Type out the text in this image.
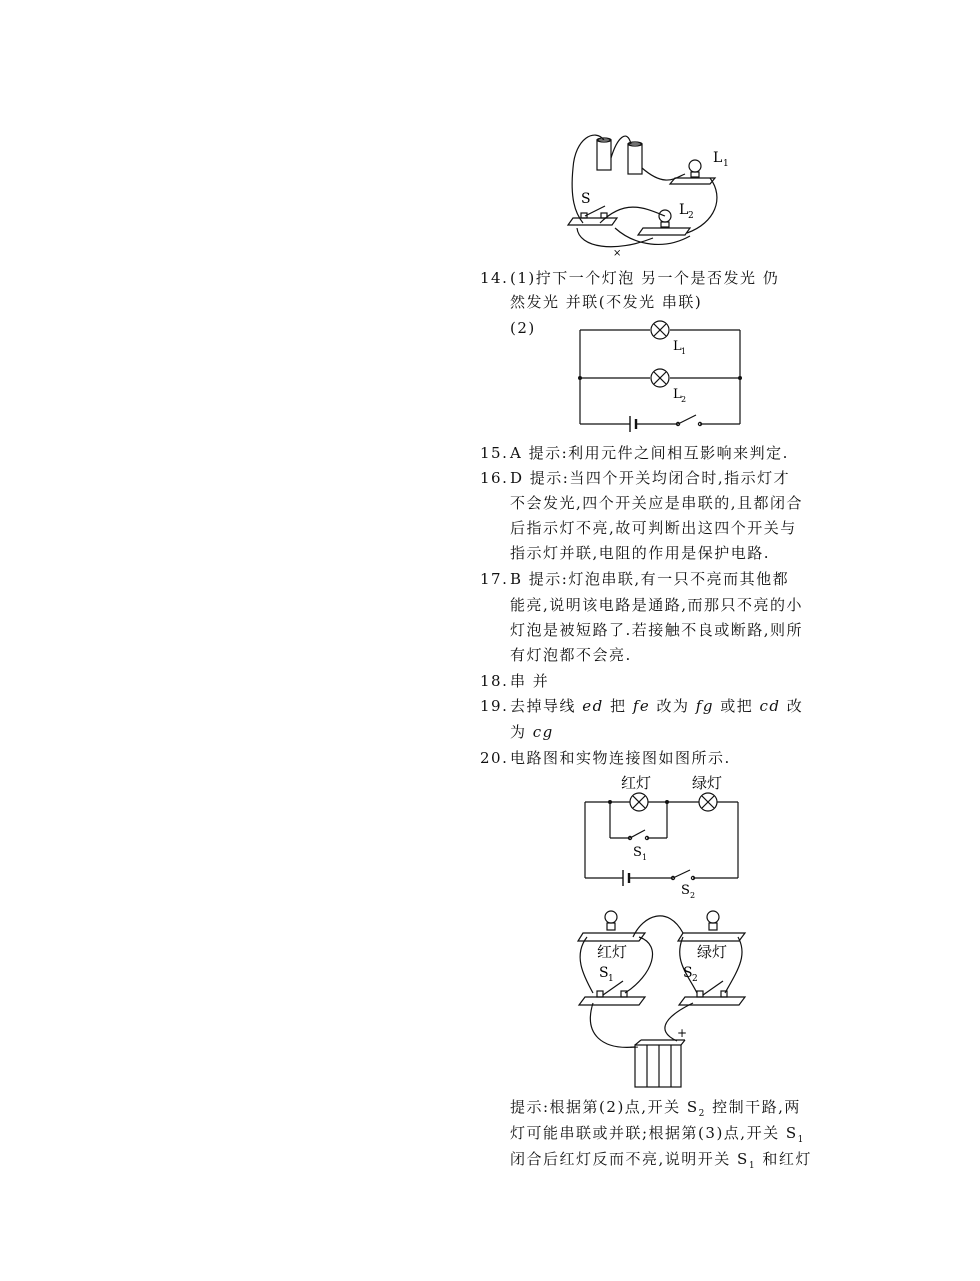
S
L 1
L 2
×
14. (1)拧下一个灯泡 另一个是否发光 仍
然发光 并联(不发光 串联)
(2)
L 1
L 2
15. A 提示:利用元件之间相互影响来判定.
16. D 提示:当四个开关均闭合时,指示灯才
不会发光,四个开关应是串联的,且都闭合
后指示灯不亮,故可判断出这四个开关与
指示灯并联,电阻的作用是保护电路.
17. B 提示:灯泡串联,有一只不亮而其他都
能亮,说明该电路是通路,而那只不亮的小
灯泡是被短路了.若接触不良或断路,则所
有灯泡都不会亮.
18. 串 并
19. 去掉导线 ed 把 fe 改为 fg 或把 cd 改
为 cg
20. 电路图和实物连接图如图所示.
红灯	绿灯
S 1
S 2
红灯	绿灯
S 1	S 2
+
−
提示:根据第(2)点,开关 $S_2$ 控制干路,两
灯可能串联或并联;根据第(3)点,开关 $S_1$
闭合后红灯反而不亮,说明开关 $S_1$ 和红灯
